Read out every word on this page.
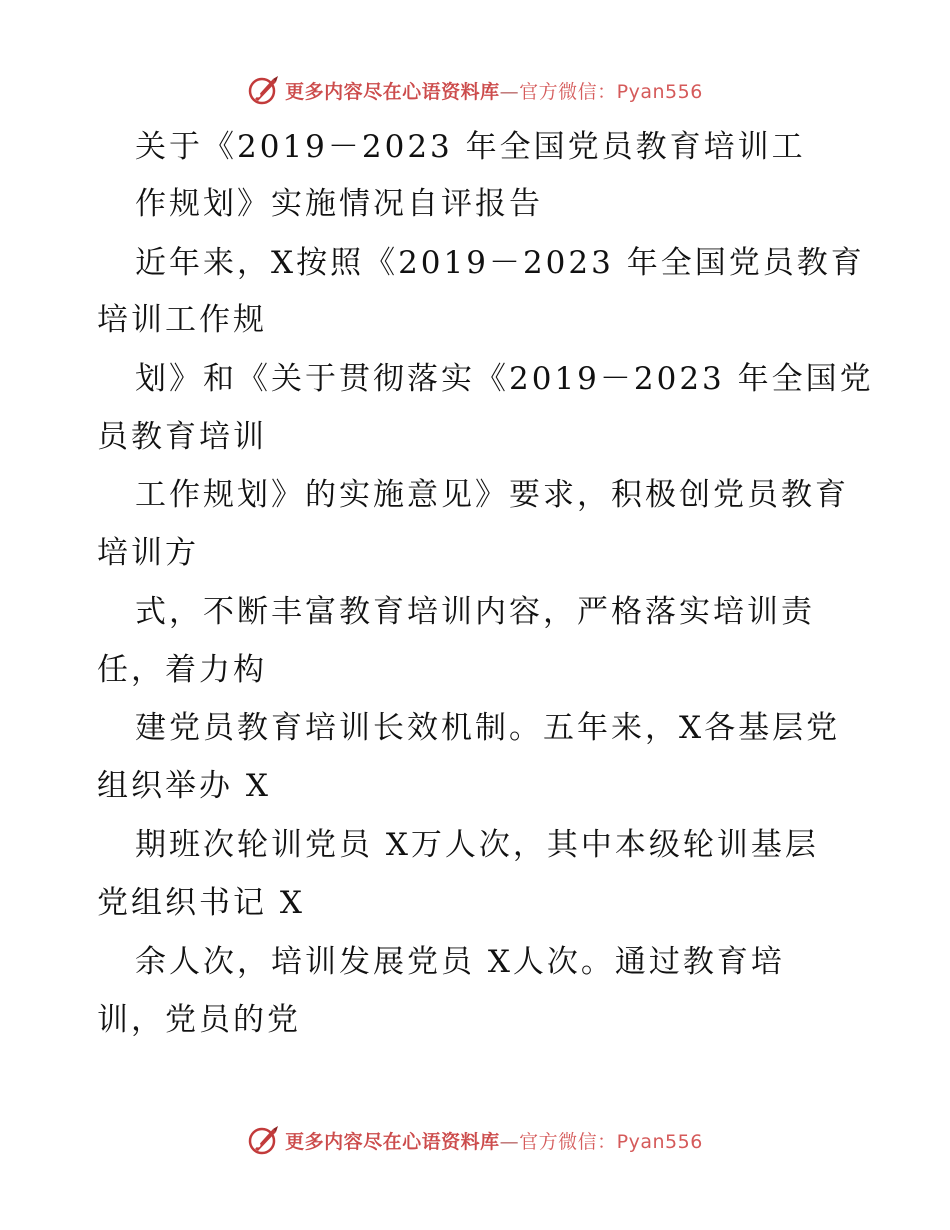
更多内容尽在心语资料库—官方微信：Pyan556
关于《2019－2023 年全国党员教育培训工
作规划》实施情况自评报告
近年来，X按照《2019－2023 年全国党员教育
培训工作规
划》和《关于贯彻落实《2019－2023 年全国党
员教育培训
工作规划》的实施意见》要求，积极创党员教育
培训方
式，不断丰富教育培训内容，严格落实培训责
任，着力构
建党员教育培训长效机制。五年来，X各基层党
组织举办 X
期班次轮训党员 X万人次，其中本级轮训基层
党组织书记 X
余人次，培训发展党员 X人次。通过教育培
训，党员的党
更多内容尽在心语资料库—官方微信：Pyan556
